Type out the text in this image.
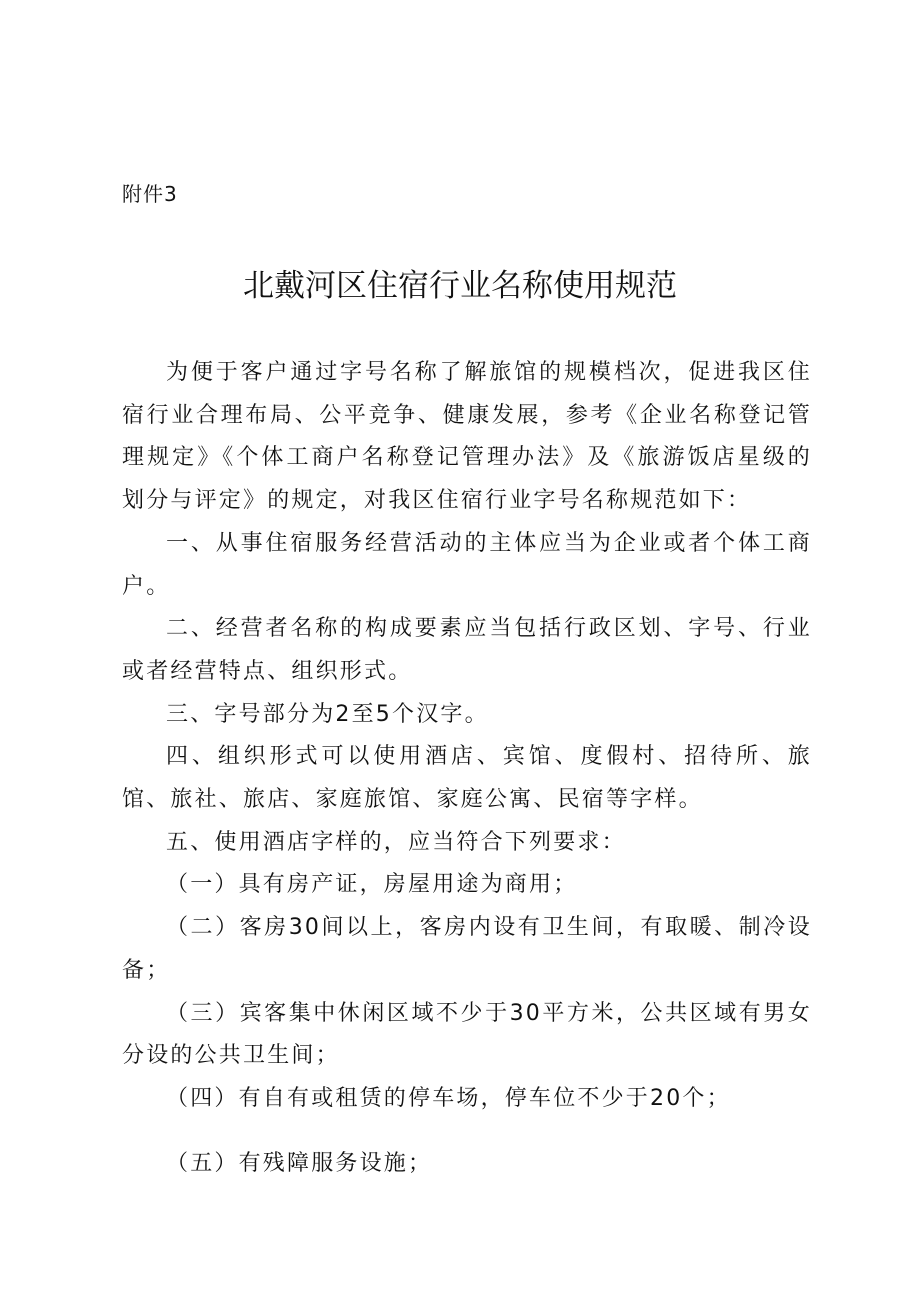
附件3
北戴河区住宿行业名称使用规范

为便于客户通过字号名称了解旅馆的规模档次，促进我区住宿行业合理布局、公平竞争、健康发展，参考《企业名称登记管理规定》《个体工商户名称登记管理办法》及《旅游饭店星级的划分与评定》的规定，对我区住宿行业字号名称规范如下：

一、从事住宿服务经营活动的主体应当为企业或者个体工商户。

二、经营者名称的构成要素应当包括行政区划、字号、行业或者经营特点、组织形式。

三、字号部分为2至5个汉字。

四、组织形式可以使用酒店、宾馆、度假村、招待所、旅馆、旅社、旅店、家庭旅馆、家庭公寓、民宿等字样。

五、使用酒店字样的，应当符合下列要求：

（一）具有房产证，房屋用途为商用；

（二）客房30间以上，客房内设有卫生间，有取暖、制冷设备；

（三）宾客集中休闲区域不少于30平方米，公共区域有男女分设的公共卫生间；

（四）有自有或租赁的停车场，停车位不少于20个；

（五）有残障服务设施；
